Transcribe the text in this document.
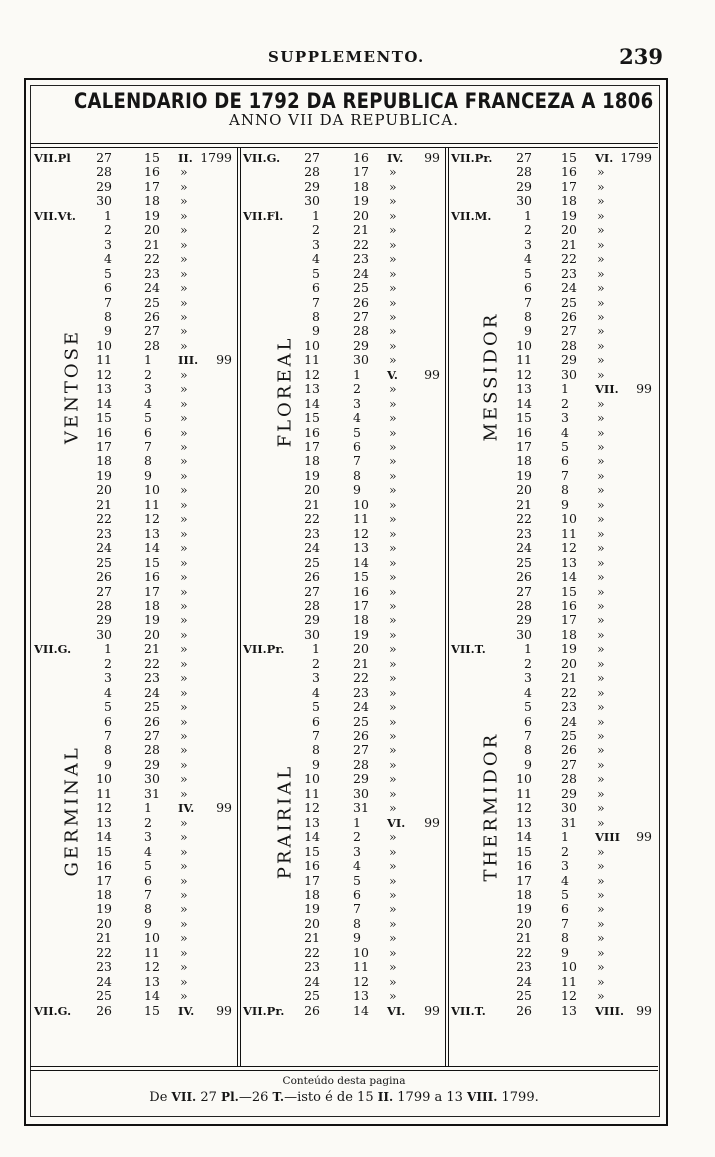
SUPPLEMENTO.	239
CALENDARIO DE 1792 DA REPUBLICA FRANCEZA A 1806
ANNO VII DA REPUBLICA.
VENTOSE
GERMINAL
VII.Pl 27	15 II. 1799
28	16 »
29	17 »
30	18 »
VII.Vt. 1	19 »
2	20 »
3	21 »
4	22 »
5	23 »
6	24 »
7	25 »
8	26 »
9	27 »
10	28 »
11	1 III. 99
12	2 »
13	3 »
14	4 »
15	5 »
16	6 »
17	7 »
18	8 »
19	9 »
20	10 »
21	11 »
22	12 »
23	13 »
24	14 »
25	15 »
26	16 »
27	17 »
28	18 »
29	19 »
30	20 »
VII.G.	1	21 »
2	22 »
3	23 »
4	24 »
5	25 »
6	26 »
7	27 »
8	28 »
9	29 »
10	30 »
11	31 »
12	1 IV. 99
13	2 »
14	3 »
15	4 »
16	5 »
17	6 »
18	7 »
19	8 »
20	9 »
21	10 »
22	11 »
23	12 »
24	13 »
25	14 »
VII.G. 26	15 IV. 99
FLOREAL
PRAIRIAL
VII.G. 27	16 IV. 99
28	17 »
29	18 »
30	19 »
VII.Fl. 1	20 »
2	21 »
3	22 »
4	23 »
5	24 »
6	25 »
7	26 »
8	27 »
9	28 »
10	29 »
11	30 »
12	1 V. 99
13	2 »
14	3 »
15	4 »
16	5 »
17	6 »
18	7 »
19	8 »
20	9 »
21	10 »
22	11 »
23	12 »
24	13 »
25	14 »
26	15 »
27	16 »
28	17 »
29	18 »
30	19 »
VII.Pr. 1	20 »
2	21 »
3	22 »
4	23 »
5	24 »
6	25 »
7	26 »
8	27 »
9	28 »
10	29 »
11	30 »
12	31 »
13	1 VI. 99
14	2 »
15	3 »
16	4 »
17	5 »
18	6 »
19	7 »
20	8 »
21	9 »
22	10 »
23	11 »
24	12 »
25	13 »
VII.Pr. 26	14 VI. 99
MESSIDOR
THERMIDOR
VII.Pr. 27 15 VI. 1799
28 16 »
29 17 »
30 18 »
VII.M.	1 19 »
2 20 »
3 21 »
4 22 »
5 23 »
6 24 »
7 25 »
8 26 »
9 27 »
10 28 »
11 29 »
12 30 »
13 1 VII. 99
14 2 »
15 3 »
16 4 »
17 5 »
18 6 »
19 7 »
20 8 »
21 9 »
22 10 »
23 11 »
24 12 »
25 13 »
26 14 »
27 15 »
28 16 »
29 17 »
30 18 »
VII.T.	1 19 »
2 20 »
3 21 »
4 22 »
5 23 »
6 24 »
7 25 »
8 26 »
9 27 »
10 28 »
11 29 »
12 30 »
13 31 »
14 1 VIII 99
15 2 »
16 3 »
17 4 »
18 5 »
19 6 »
20 7 »
21 8 »
22 9 »
23 10 »
24 11 »
25 12 »
VII.T. 26 13 VIII. 99
Conteúdo desta pagina
De VII. 27 Pl.—26 T.—isto é de 15 II. 1799 a 13 VIII. 1799.
